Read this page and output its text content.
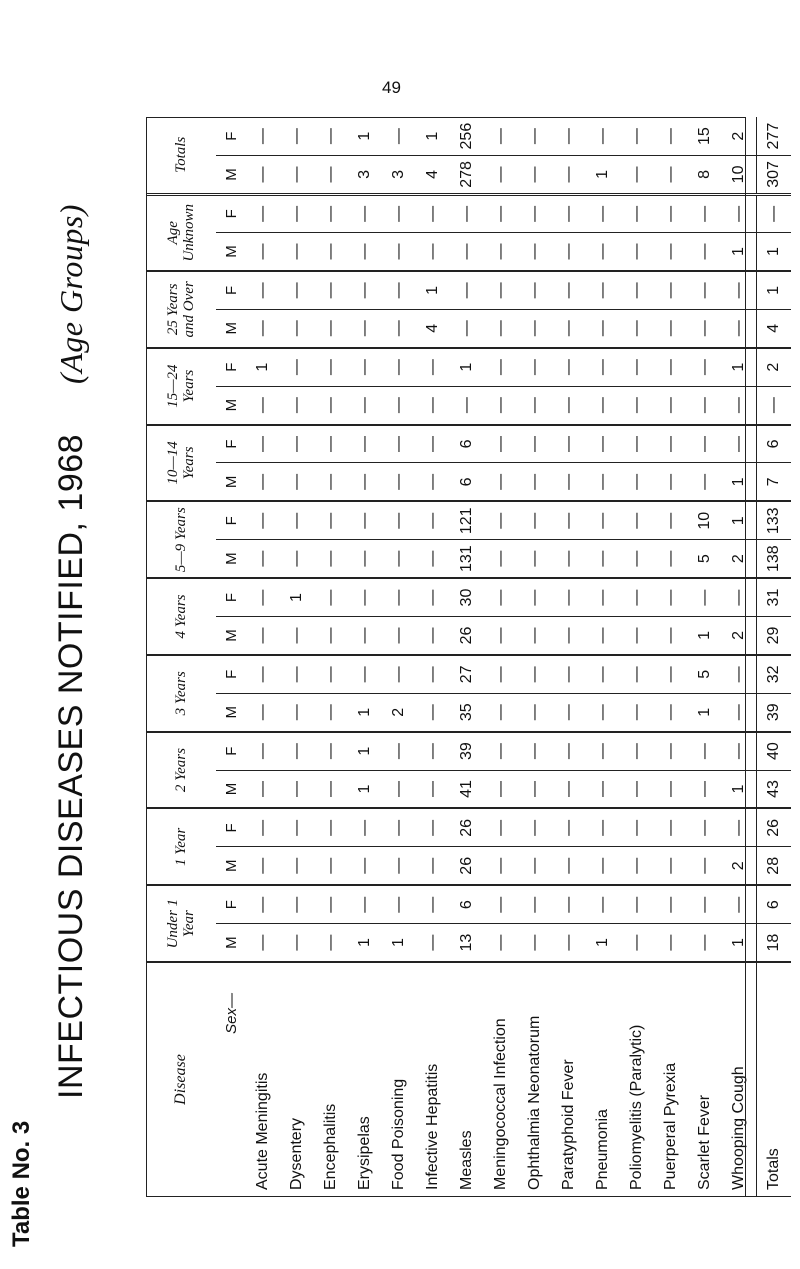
49
Table No. 3
INFECTIOUS DISEASES NOTIFIED, 1968(Age Groups)
Disease	Under 1 Year		1 Year		2 Years		3 Years		4 Years		5—9 Years		10—14 Years		15—24 Years		25 Years and Over		Age Unknown		Totals	
Sex—	M	F	M	F	M	F	M	F	M	F	M	F	M	F	M	F	M	F	M	F	M	F
Acute Meningitis	—	—	—	—	—	—	—	—	—	—	—	—	—	—	—	1	—	—	—	—	—	—
Dysentery	—	—	—	—	—	—	—	—	—	1	—	—	—	—	—	—	—	—	—	—	—	—
Encephalitis	—	—	—	—	—	—	—	—	—	—	—	—	—	—	—	—	—	—	—	—	—	—
Erysipelas	1	—	—	—	1	1	1	—	—	—	—	—	—	—	—	—	—	—	—	—	3	1
Food Poisoning	1	—	—	—	—	—	2	—	—	—	—	—	—	—	—	—	—	—	—	—	3	—
Infective Hepatitis	—	—	—	—	—	—	—	—	—	—	—	—	—	—	—	—	4	1	—	—	4	1
Measles	13	6	26	26	41	39	35	27	26	30	131	121	6	6	—	1	—	—	—	—	278	256
Meningococcal Infection	—	—	—	—	—	—	—	—	—	—	—	—	—	—	—	—	—	—	—	—	—	—
Ophthalmia Neonatorum	—	—	—	—	—	—	—	—	—	—	—	—	—	—	—	—	—	—	—	—	—	—
Paratyphoid Fever	—	—	—	—	—	—	—	—	—	—	—	—	—	—	—	—	—	—	—	—	—	—
Pneumonia	1	—	—	—	—	—	—	—	—	—	—	—	—	—	—	—	—	—	—	—	1	—
Poliomyelitis (Paralytic)	—	—	—	—	—	—	—	—	—	—	—	—	—	—	—	—	—	—	—	—	—	—
Puerperal Pyrexia	—	—	—	—	—	—	—	—	—	—	—	—	—	—	—	—	—	—	—	—	—	—
Scarlet Fever	—	—	—	—	—	—	1	5	1	—	5	10	—	—	—	—	—	—	—	—	8	15
Whooping Cough	1	—	2	—	1	—	—	—	2	—	2	1	1	—	—	1	—	—	1	—	10	2
Totals	18	6	28	26	43	40	39	32	29	31	138	133	7	6	—	2	4	1	1	—	307	277
